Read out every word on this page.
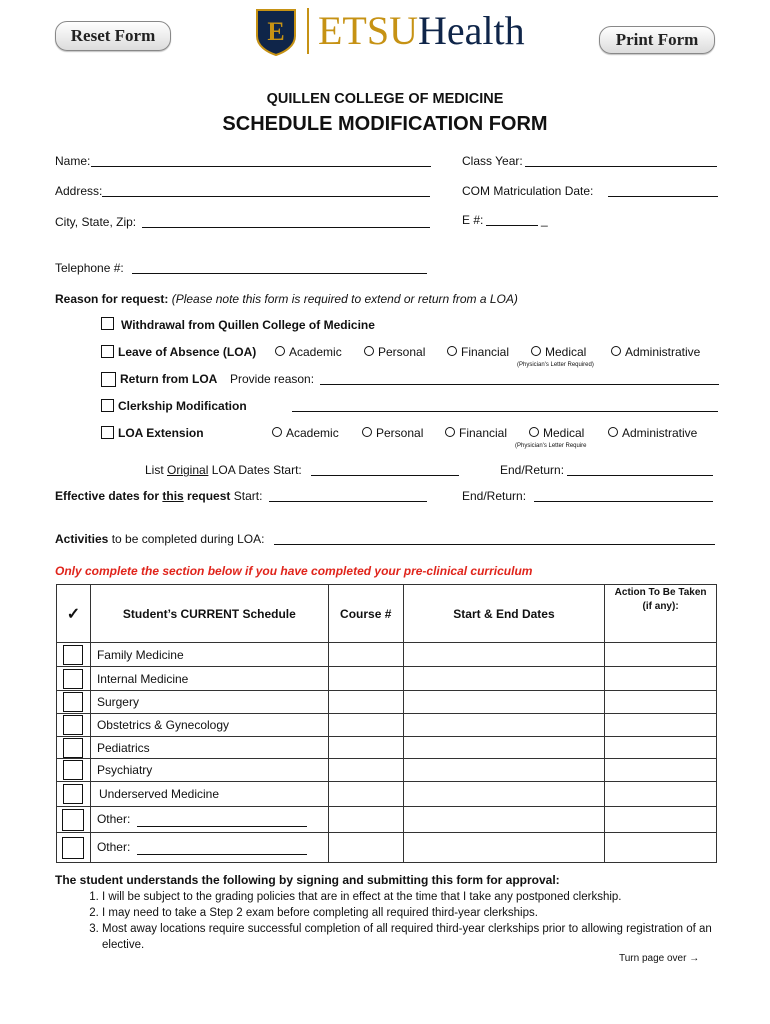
Reset Form	Print Form
E ETSUHealth
QUILLEN COLLEGE OF MEDICINE
SCHEDULE MODIFICATION FORM
Name:	Class Year:
Address:	COM Matriculation Date:
City, State, Zip:	E #:	_
Telephone #:
Reason for request: (Please note this form is required to extend or return from a LOA)
Withdrawal from Quillen College of Medicine
Leave of Absence (LOA)	Academic	Personal	Financial	Medical	Administrative
(Physician's Letter Required)
Return from LOA Provide reason:
Clerkship Modification
LOA Extension	Academic	Personal	Financial	Medical	Administrative
(Physician's Letter Require
List Original LOA Dates Start:	End/Return:
Effective dates for this request Start:	End/Return:
Activities to be completed during LOA:
Only complete the section below if you have completed your pre-clinical curriculum
✓	Student’s CURRENT Schedule	Course #	Start & End Dates	Action To Be Taken
(if any):

	Family Medicine			
	Internal Medicine			
	Surgery			
	Obstetrics & Gynecology			
	Pediatrics			
	Psychiatry			
	Underserved Medicine			
	Other:			
	Other:			
The student understands the following by signing and submitting this form for approval:
1. I will be subject to the grading policies that are in effect at the time that I take any postponed clerkship.
2. I may need to take a Step 2 exam before completing all required third-year clerkships.
3. Most away locations require successful completion of all required third-year clerkships prior to allowing registration of an elective.
Turn page over →
